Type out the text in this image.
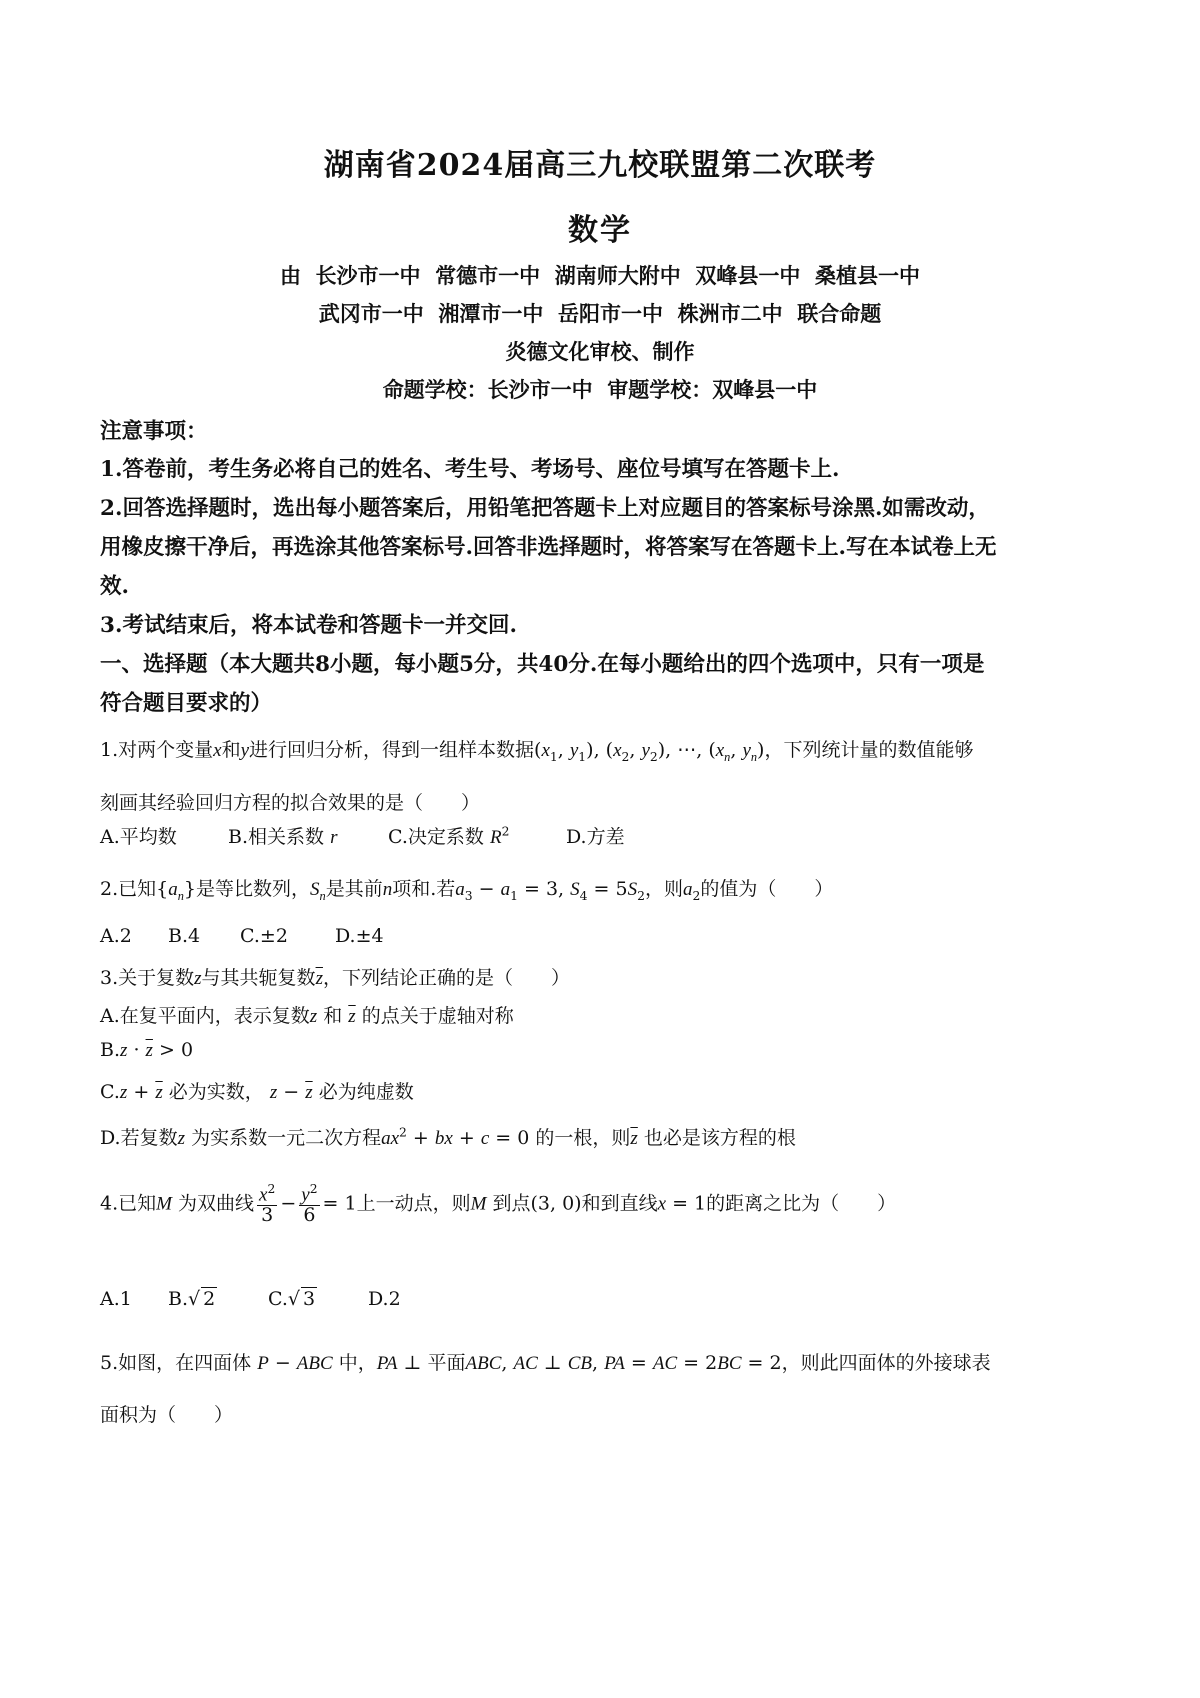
湖南省2024届高三九校联盟第二次联考
数学
由  长沙市一中  常德市一中  湖南师大附中  双峰县一中  桑植县一中
武冈市一中  湘潭市一中  岳阳市一中  株洲市二中  联合命题
炎德文化审校、制作
命题学校：长沙市一中  审题学校：双峰县一中
注意事项：
1.答卷前，考生务必将自己的姓名、考生号、考场号、座位号填写在答题卡上.
2.回答选择题时，选出每小题答案后，用铅笔把答题卡上对应题目的答案标号涂黑.如需改动，
用橡皮擦干净后，再选涂其他答案标号.回答非选择题时，将答案写在答题卡上.写在本试卷上无
效.
3.考试结束后，将本试卷和答题卡一并交回.
一、选择题（本大题共8小题，每小题5分，共40分.在每小题给出的四个选项中，只有一项是
符合题目要求的）
1.对两个变量x和y进行回归分析，得到一组样本数据($x_1$, $y_1$), ($x_2$, $y_2$), ⋯, ($x_n$, $y_n$)，下列统计量的数值能够
刻画其经验回归方程的拟合效果的是（　　）
A.平均数	B.相关系数 r	C.决定系数 $R^2$	D.方差
2.已知$\{a_n\}$是等比数列，$S_n$是其前n项和.若$a_3 - a_1 = 3$, $S_4 = 5S_2$，则$a_2$的值为（　　）
A.2 B.4 C.±2 D.±4
3.关于复数z与其共轭复数$\overline{z}$，下列结论正确的是（　　）
A.在复平面内，表示复数z 和 $\overline{z}$ 的点关于虚轴对称
$B.z \cdot \overline{z} > 0$
$C.z + \overline{z}$ 必为实数， $z - \overline{z}$ 必为纯虚数
D.若复数z 为实系数一元二次方程$ax^2$ + bx + c = 0 的一根，则$\overline{z}$ 也必是该方程的根
4.已知M 为双曲线 $\frac{x^2}{3} - \frac{y^2}{6} = 1$上一动点，则M 到点(3, 0)和到直线x = 1的距离之比为（　　）
A.1 B.√ 2	C.√ 3	D.2
5.如图，在四面体 P − ABC 中，PA ⊥ 平面ABC, AC ⊥ CB, PA = AC = 2BC = 2，则此四面体的外接球表
面积为（　　）
